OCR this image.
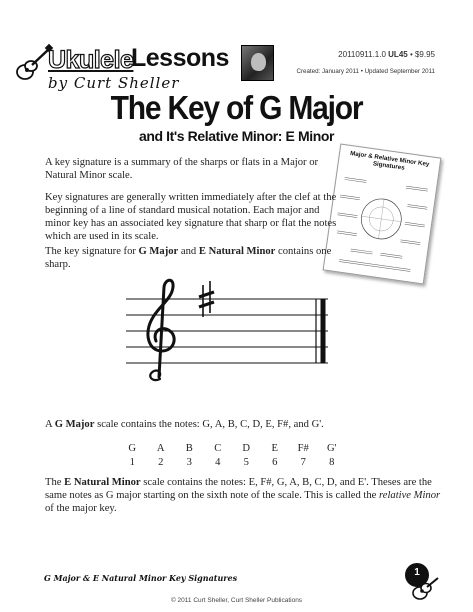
Ukulele
Lessons
by Curt Sheller
20110911.1.0 UL45 • $9.95
Created: January 2011 • Updated September 2011
The Key of G Major
and It's Relative Minor: E Minor
Major & Relative Minor Key Signatures
A key signature is a summary of the sharps or flats in a Major or Natural Minor scale.
Key signatures are generally written immediately after the clef at the beginning of a line of standard musical notation. Each major and minor key has an associated key signature that sharp or flat the notes which are used in its scale.
The key signature for G Major and E Natural Minor contains one sharp.
A G Major scale contains the notes: G, A, B, C, D, E, F#, and G'.
G	A	B	C	D	E	F#	G'
1	2	3	4	5	6	7	8
The E Natural Minor scale contains the notes: E, F#, G, A, B, C, D, and E'. Theses are the same notes as G major starting on the sixth note of the scale. This is called the relative Minor of the major key.
G Major & E Natural Minor Key Signatures	1
© 2011 Curt Sheller, Curt Sheller Publications
